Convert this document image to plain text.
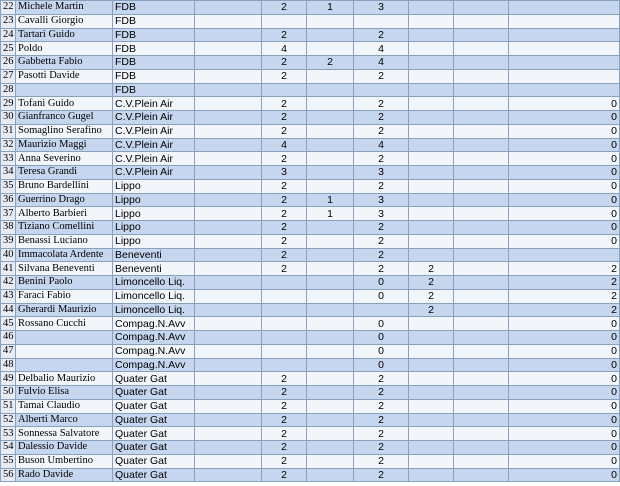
22	Michele Martin	FDB		2	1	3			
23	Cavalli Giorgio	FDB							
24	Tartari Guido	FDB		2		2			
25	Poldo	FDB		4		4			
26	Gabbetta Fabio	FDB		2	2	4			
27	Pasotti Davide	FDB		2		2			
28		FDB							
29	Tofani Guido	C.V.Plein Air		2		2			0
30	Gianfranco Gugel	C.V.Plein Air		2		2			0
31	Somaglino Serafino	C.V.Plein Air		2		2			0
32	Maurizio Maggi	C.V.Plein Air		4		4			0
33	Anna Severino	C.V.Plein Air		2		2			0
34	Teresa Grandi	C.V.Plein Air		3		3			0
35	Bruno Bardellini	Lippo		2		2			0
36	Guerrino Drago	Lippo		2	1	3			0
37	Alberto Barbieri	Lippo		2	1	3			0
38	Tiziano Comellini	Lippo		2		2			0
39	Benassi Luciano	Lippo		2		2			0
40	Immacolata Ardente	Beneventi		2		2			
41	Silvana Beneventi	Beneventi		2		2	2		2
42	Benini Paolo	Limoncello Liq.				0	2		2
43	Faraci Fabio	Limoncello Liq.				0	2		2
44	Gherardi Maurizio	Limoncello Liq.					2		2
45	Rossano Cucchi	Compag.N.Avv				0			0
46		Compag.N.Avv				0			0
47		Compag.N.Avv				0			0
48		Compag.N.Avv				0			0
49	Delbalio Maurizio	Quater Gat		2		2			0
50	Fulvio Elisa	Quater Gat		2		2			0
51	Tamai Claudio	Quater Gat		2		2			0
52	Alberti Marco	Quater Gat		2		2			0
53	Sonnessa Salvatore	Quater Gat		2		2			0
54	Dalessio Davide	Quater Gat		2		2			0
55	Buson Umbertino	Quater Gat		2		2			0
56	Rado Davide	Quater Gat		2		2			0
